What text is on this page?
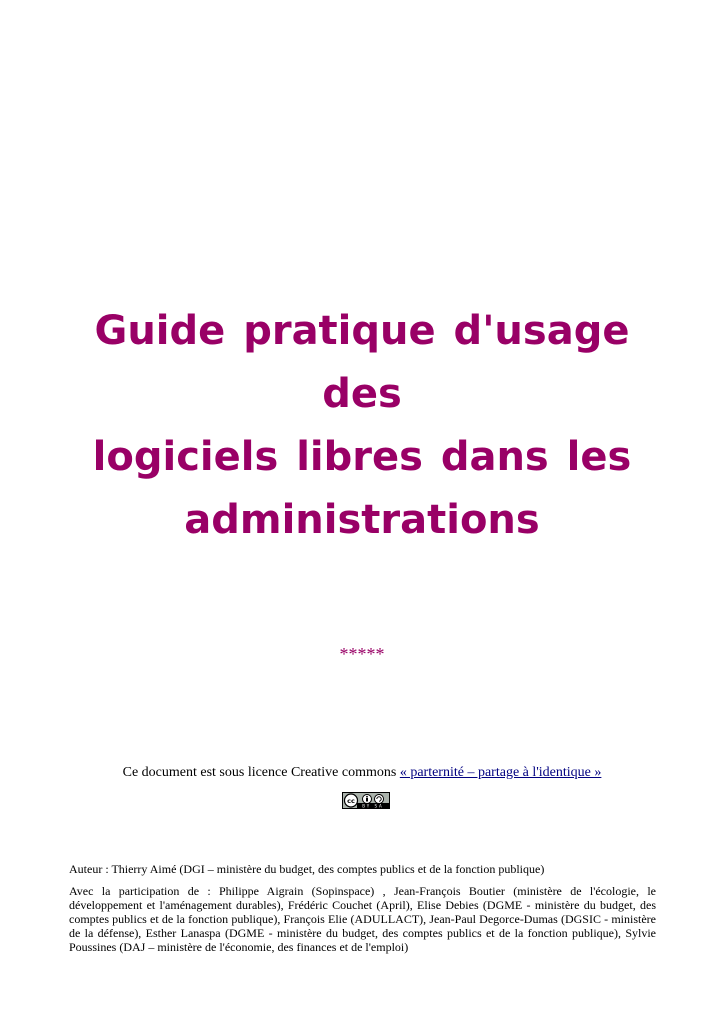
Guide pratique d'usage
des
logiciels libres dans les
administrations
*****
Ce document est sous licence Creative commons « parternité – partage à l'identique »
cc
BY SA

Auteur : Thierry Aimé (DGI – ministère du budget, des comptes publics et de la fonction publique)

Avec la participation de : Philippe Aigrain (Sopinspace) , Jean-François Boutier (ministère de l'écologie, le développement et l'aménagement durables), Frédéric Couchet (April), Elise Debies (DGME - ministère du budget, des comptes publics et de la fonction publique), François Elie (ADULLACT), Jean-Paul Degorce-Dumas (DGSIC - ministère de la défense), Esther Lanaspa (DGME - ministère du budget, des comptes publics et de la fonction publique), Sylvie Poussines (DAJ – ministère de l'économie, des finances et de l'emploi)
